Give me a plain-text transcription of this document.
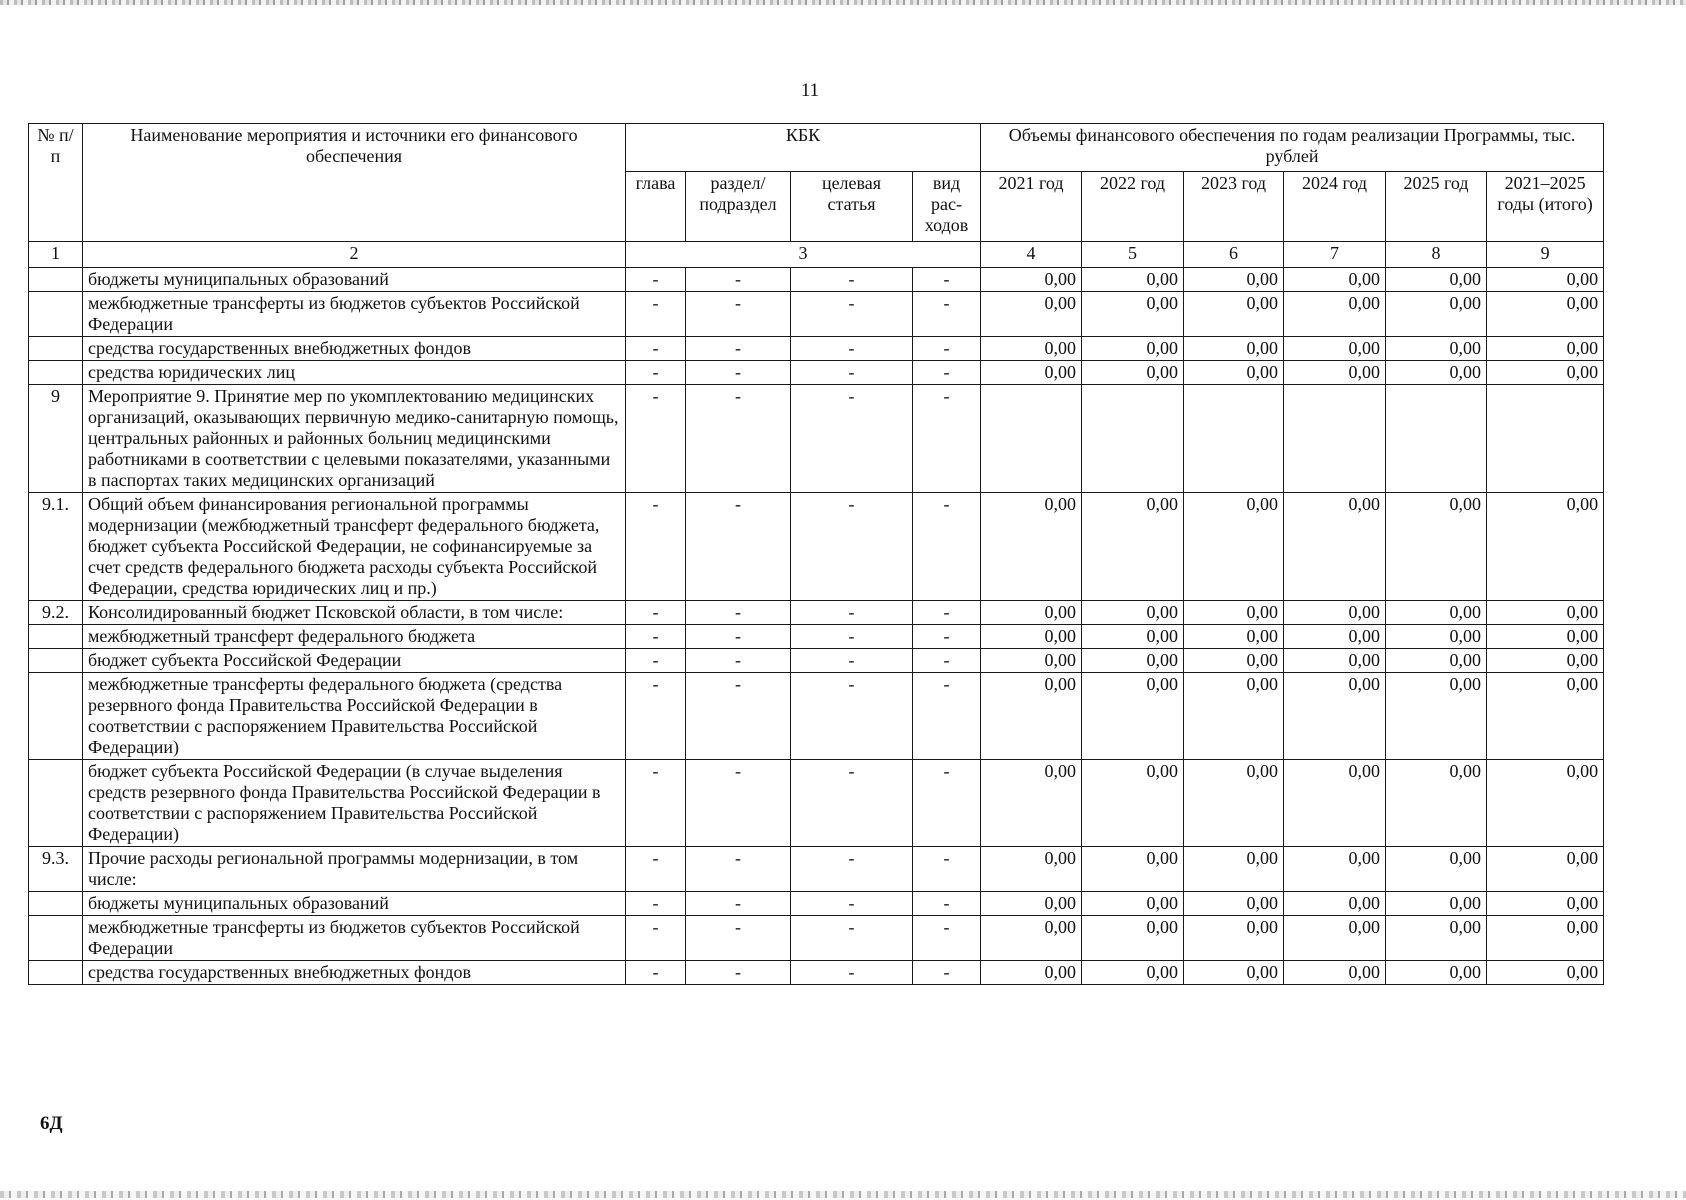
11
№ п/п	Наименование мероприятия и источники его финансового обеспечения	КБК				Объемы финансового обеспечения по годам реализации Программы, тыс. рублей					
		глава	раздел/ подраздел	целевая статья	вид рас- ходов	2021 год	2022 год	2023 год	2024 год	2025 год	2021–2025 годы (итого)
1	2	3				4	5	6	7	8	9
	бюджеты муниципальных образований	-	-	-	-	0,00	0,00	0,00	0,00	0,00	0,00
	межбюджетные трансферты из бюджетов субъектов Российской Федерации	-	-	-	-	0,00	0,00	0,00	0,00	0,00	0,00
	средства государственных внебюджетных фондов	-	-	-	-	0,00	0,00	0,00	0,00	0,00	0,00
	средства юридических лиц	-	-	-	-	0,00	0,00	0,00	0,00	0,00	0,00
9	Мероприятие 9. Принятие мер по укомплектованию медицинских организаций, оказывающих первичную медико-санитарную помощь, центральных районных и районных больниц медицинскими работниками в соответствии с целевыми показателями, указанными в паспортах таких медицинских организаций	-	-	-	-						
9.1.	Общий объем финансирования региональной программы модернизации (межбюджетный трансферт федерального бюджета, бюджет субъекта Российской Федерации, не софинансируемые за счет средств федерального бюджета расходы субъекта Российской Федерации, средства юридических лиц и пр.)	-	-	-	-	0,00	0,00	0,00	0,00	0,00	0,00
9.2.	Консолидированный бюджет Псковской области, в том числе:	-	-	-	-	0,00	0,00	0,00	0,00	0,00	0,00
	межбюджетный трансферт федерального бюджета	-	-	-	-	0,00	0,00	0,00	0,00	0,00	0,00
	бюджет субъекта Российской Федерации	-	-	-	-	0,00	0,00	0,00	0,00	0,00	0,00
	межбюджетные трансферты федерального бюджета (средства резервного фонда Правительства Российской Федерации в соответствии с распоряжением Правительства Российской Федерации)	-	-	-	-	0,00	0,00	0,00	0,00	0,00	0,00
	бюджет субъекта Российской Федерации (в случае выделения средств резервного фонда Правительства Российской Федерации в соответствии с распоряжением Правительства Российской Федерации)	-	-	-	-	0,00	0,00	0,00	0,00	0,00	0,00
9.3.	Прочие расходы региональной программы модернизации, в том числе:	-	-	-	-	0,00	0,00	0,00	0,00	0,00	0,00
	бюджеты муниципальных образований	-	-	-	-	0,00	0,00	0,00	0,00	0,00	0,00
	межбюджетные трансферты из бюджетов субъектов Российской Федерации	-	-	-	-	0,00	0,00	0,00	0,00	0,00	0,00
	средства государственных внебюджетных фондов	-	-	-	-	0,00	0,00	0,00	0,00	0,00	0,00
6Д
